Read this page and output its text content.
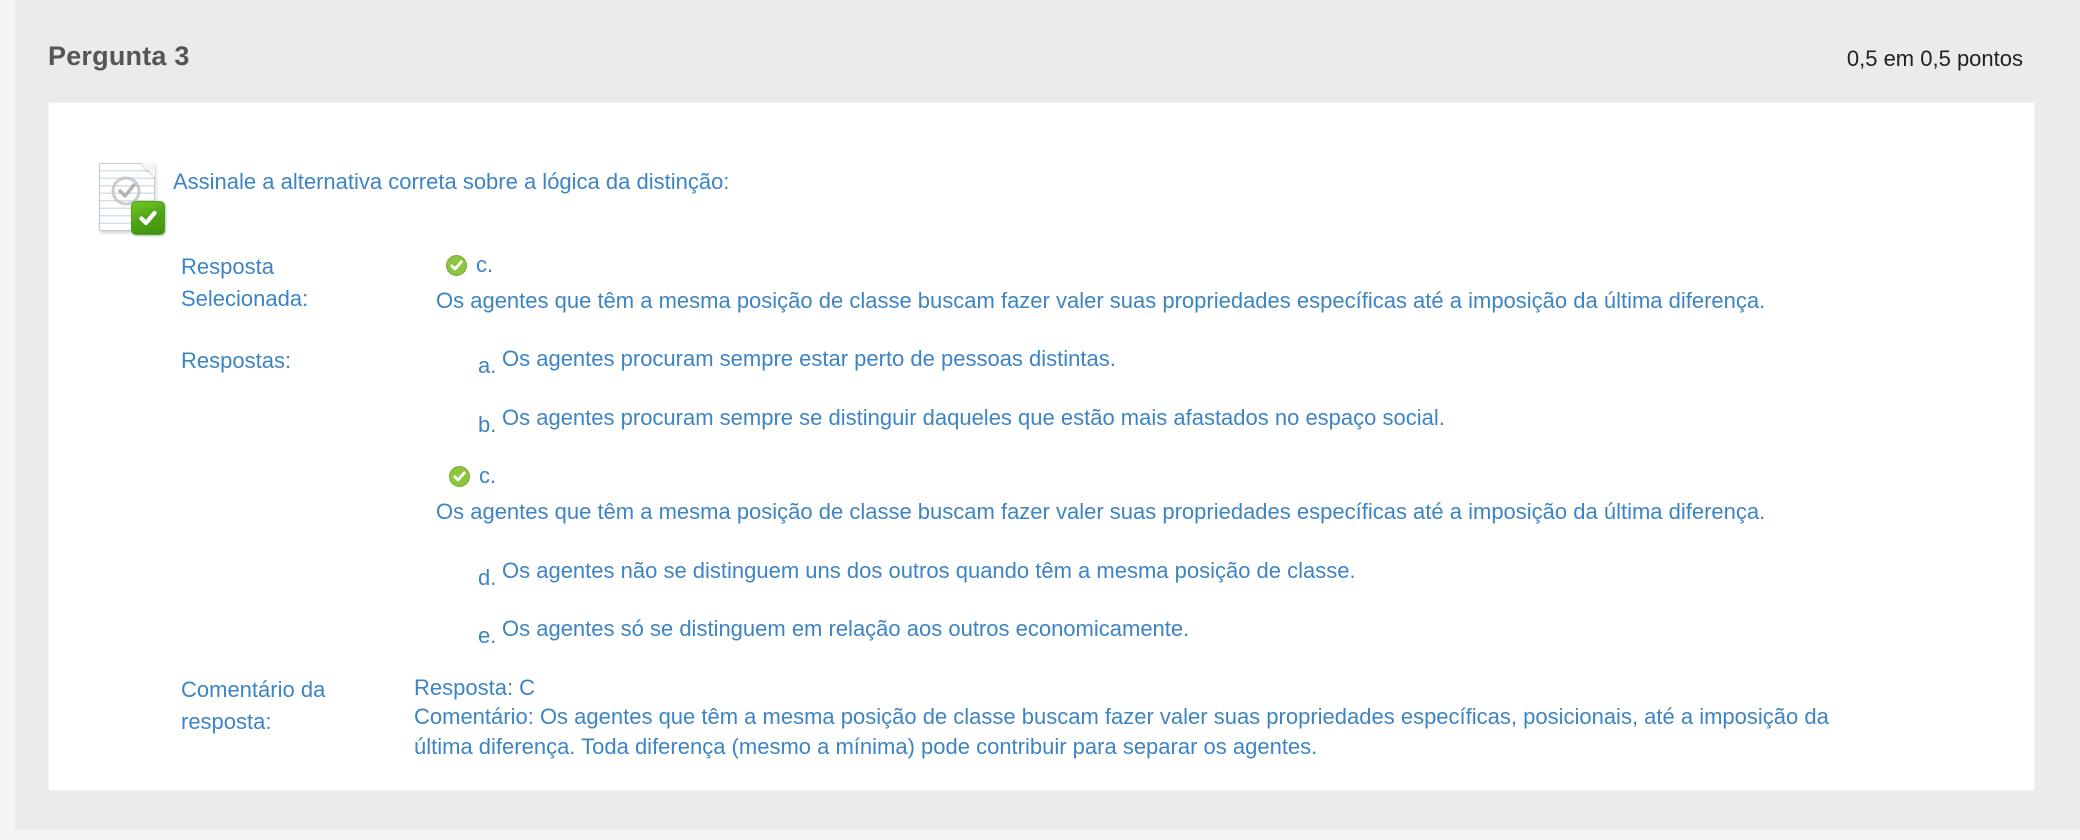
Pergunta 3	0,5 em 0,5 pontos
Assinale a alternativa correta sobre a lógica da distinção:
Resposta Selecionada:
c.
Os agentes que têm a mesma posição de classe buscam fazer valer suas propriedades específicas até a imposição da última diferença.
Respostas:	a. Os agentes procuram sempre estar perto de pessoas distintas.
b. Os agentes procuram sempre se distinguir daqueles que estão mais afastados no espaço social.
c.
Os agentes que têm a mesma posição de classe buscam fazer valer suas propriedades específicas até a imposição da última diferença.
d. Os agentes não se distinguem uns dos outros quando têm a mesma posição de classe.
e. Os agentes só se distinguem em relação aos outros economicamente.
Comentário da resposta:
Resposta: C
Comentário: Os agentes que têm a mesma posição de classe buscam fazer valer suas propriedades específicas, posicionais, até a imposição da última diferença. Toda diferença (mesmo a mínima) pode contribuir para separar os agentes.
